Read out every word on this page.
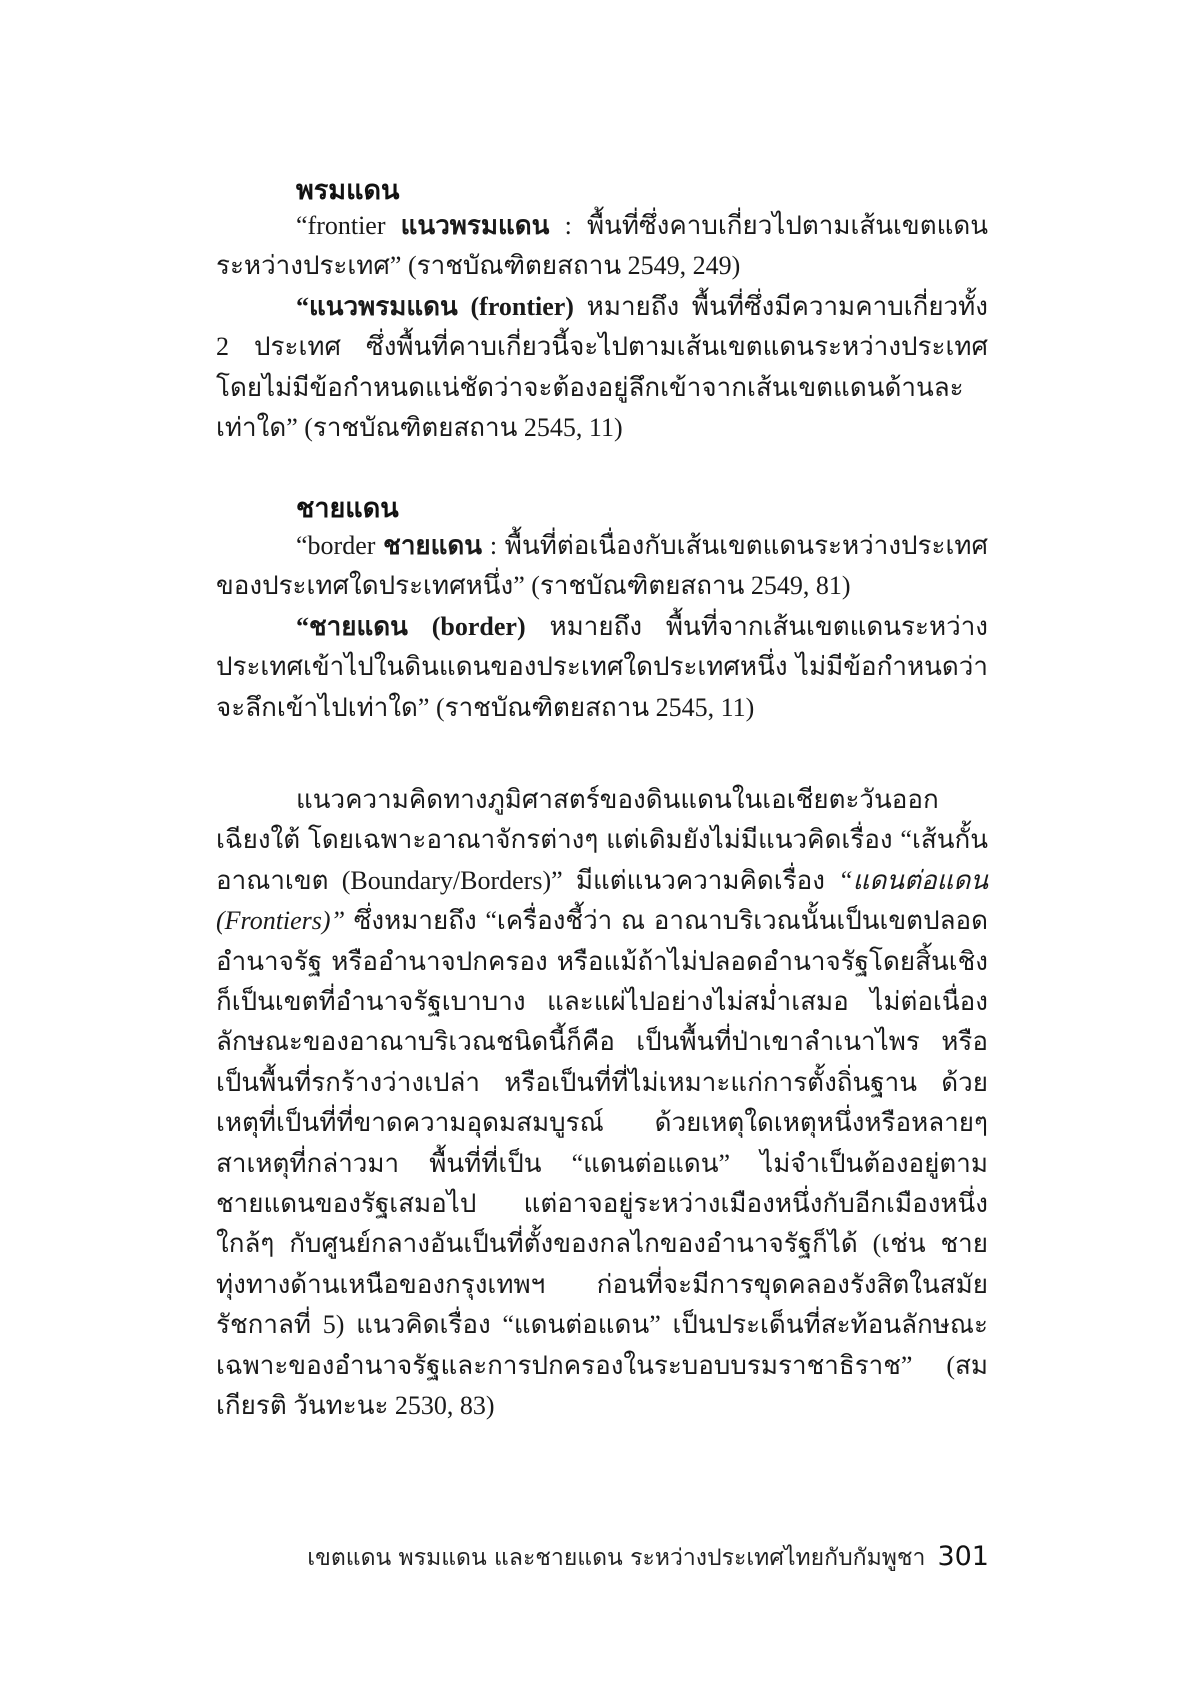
พรมแดน

“frontier แนวพรมแดน : พื้นที่ซึ่งคาบเกี่ยวไปตามเส้นเขตแดนระหว่างประเทศ” (ราชบัณฑิตยสถาน 2549, 249)

“แนวพรมแดน (frontier) หมายถึง พื้นที่ซึ่งมีความคาบเกี่ยวทั้ง 2 ประเทศ ซึ่งพื้นที่คาบเกี่ยวนี้จะไปตามเส้นเขตแดนระหว่างประเทศ โดยไม่มีข้อกำหนดแน่ชัดว่าจะต้องอยู่ลึกเข้าจากเส้นเขตแดนด้านละเท่าใด” (ราชบัณฑิตยสถาน 2545, 11)

ชายแดน

“border ชายแดน : พื้นที่ต่อเนื่องกับเส้นเขตแดนระหว่างประเทศของประเทศใดประเทศหนึ่ง” (ราชบัณฑิตยสถาน 2549, 81)

“ชายแดน (border) หมายถึง พื้นที่จากเส้นเขตแดนระหว่างประเทศเข้าไปในดินแดนของประเทศใดประเทศหนึ่ง ไม่มีข้อกำหนดว่าจะลึกเข้าไปเท่าใด” (ราชบัณฑิตยสถาน 2545, 11)

แนวความคิดทางภูมิศาสตร์ของดินแดนในเอเชียตะวันออกเฉียงใต้ โดยเฉพาะอาณาจักรต่างๆ แต่เดิมยังไม่มีแนวคิดเรื่อง “เส้นกั้นอาณาเขต (Boundary/Borders)” มีแต่แนวความคิดเรื่อง “แดนต่อแดน (Frontiers)” ซึ่งหมายถึง “เครื่องชี้ว่า ณ อาณาบริเวณนั้นเป็นเขตปลอดอำนาจรัฐ หรืออำนาจปกครอง หรือแม้ถ้าไม่ปลอดอำนาจรัฐโดยสิ้นเชิงก็เป็นเขตที่อำนาจรัฐเบาบาง และแผ่ไปอย่างไม่สม่ำเสมอ ไม่ต่อเนื่อง ลักษณะของอาณาบริเวณชนิดนี้ก็คือ เป็นพื้นที่ป่าเขาลำเนาไพร หรือเป็นพื้นที่รกร้างว่างเปล่า หรือเป็นที่ที่ไม่เหมาะแก่การตั้งถิ่นฐาน ด้วยเหตุที่เป็นที่ที่ขาดความอุดมสมบูรณ์ ด้วยเหตุใดเหตุหนึ่งหรือหลายๆ สาเหตุที่กล่าวมา พื้นที่ที่เป็น “แดนต่อแดน” ไม่จำเป็นต้องอยู่ตามชายแดนของรัฐเสมอไป แต่อาจอยู่ระหว่างเมืองหนึ่งกับอีกเมืองหนึ่งใกล้ๆ กับศูนย์กลางอันเป็นที่ตั้งของกลไกของอำนาจรัฐก็ได้ (เช่น ชายทุ่งทางด้านเหนือของกรุงเทพฯ ก่อนที่จะมีการขุดคลองรังสิตในสมัยรัชกาลที่ 5) แนวคิดเรื่อง “แดนต่อแดน” เป็นประเด็นที่สะท้อนลักษณะเฉพาะของอำนาจรัฐและการปกครองในระบอบบรมราชาธิราช” (สมเกียรติ วันทะนะ 2530, 83)

เขตแดน พรมแดน และชายแดน ระหว่างประเทศไทยกับกัมพูชา 301
